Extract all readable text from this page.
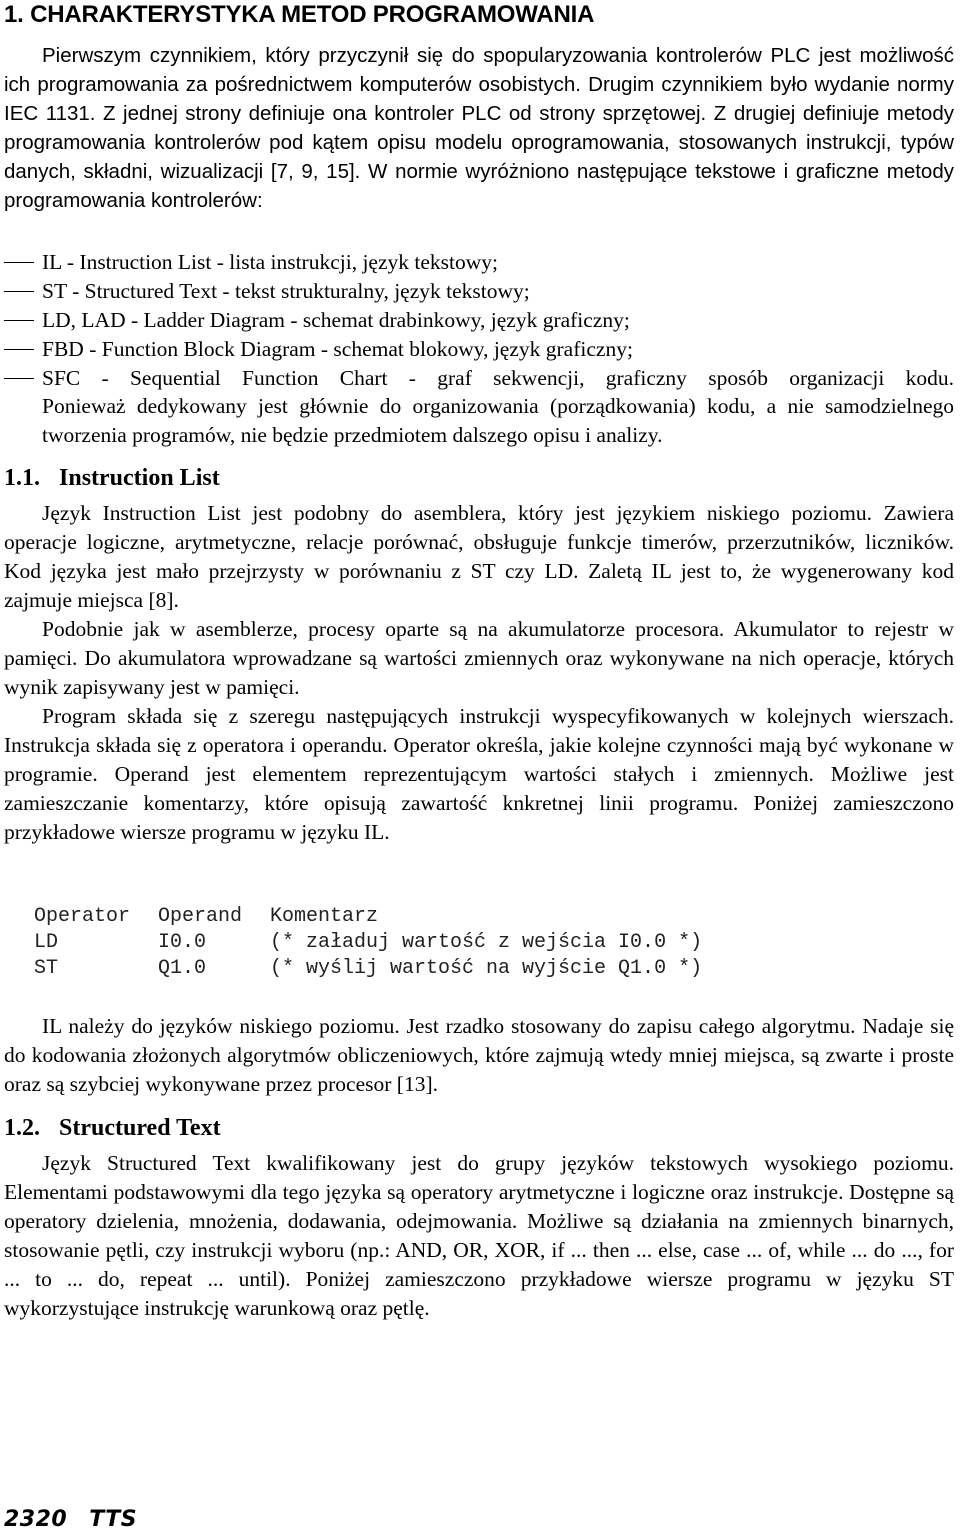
1. CHARAKTERYSTYKA METOD PROGRAMOWANIA

Pierwszym czynnikiem, który przyczynił się do spopularyzowania kontrolerów PLC jest możliwość ich programowania za pośrednictwem komputerów osobistych. Drugim czynnikiem było wydanie normy IEC 1131. Z jednej strony definiuje ona kontroler PLC od strony sprzętowej. Z drugiej definiuje metody programowania kontrolerów pod kątem opisu modelu oprogramowania, stosowanych instrukcji, typów danych, składni, wizualizacji [7, 9, 15]. W normie wyróżniono następujące tekstowe i graficzne metody programowania kontrolerów:

IL - Instruction List - lista instrukcji, język tekstowy;
ST - Structured Text - tekst strukturalny, język tekstowy;
LD, LAD - Ladder Diagram - schemat drabinkowy, język graficzny;
FBD - Function Block Diagram - schemat blokowy, język graficzny;
SFC - Sequential Function Chart - graf sekwencji, graficzny sposób organizacji kodu.

Ponieważ dedykowany jest głównie do organizowania (porządkowania) kodu, a nie samodzielnego tworzenia programów, nie będzie przedmiotem dalszego opisu i analizy.

1.1. Instruction List

Język Instruction List jest podobny do asemblera, który jest językiem niskiego poziomu. Zawiera operacje logiczne, arytmetyczne, relacje porównać, obsługuje funkcje timerów, przerzutników, liczników. Kod języka jest mało przejrzysty w porównaniu z ST czy LD. Zaletą IL jest to, że wygenerowany kod zajmuje miejsca [8].

Podobnie jak w asemblerze, procesy oparte są na akumulatorze procesora. Akumulator to rejestr w pamięci. Do akumulatora wprowadzane są wartości zmiennych oraz wykonywane na nich operacje, których wynik zapisywany jest w pamięci.

Program składa się z szeregu następujących instrukcji wyspecyfikowanych w kolejnych wierszach. Instrukcja składa się z operatora i operandu. Operator określa, jakie kolejne czynności mają być wykonane w programie. Operand jest elementem reprezentującym wartości stałych i zmiennych. Możliwe jest zamieszczanie komentarzy, które opisują zawartość knkretnej linii programu. Poniżej zamieszczono przykładowe wiersze programu w języku IL.

Operator Operand Komentarz
LD	I0.0	(* załaduj wartość z wejścia I0.0 *)
ST	Q1.0	(* wyślij wartość na wyjście Q1.0 *)

IL należy do języków niskiego poziomu. Jest rzadko stosowany do zapisu całego algorytmu. Nadaje się do kodowania złożonych algorytmów obliczeniowych, które zajmują wtedy mniej miejsca, są zwarte i proste oraz są szybciej wykonywane przez procesor [13].

1.2. Structured Text

Język Structured Text kwalifikowany jest do grupy języków tekstowych wysokiego poziomu. Elementami podstawowymi dla tego języka są operatory arytmetyczne i logiczne oraz instrukcje. Dostępne są operatory dzielenia, mnożenia, dodawania, odejmowania. Możliwe są działania na zmiennych binarnych, stosowanie pętli, czy instrukcji wyboru (np.: AND, OR, XOR, if ... then ... else, case ... of, while ... do ..., for ... to ... do, repeat ... until). Poniżej zamieszczono przykładowe wiersze programu w języku ST wykorzystujące instrukcję warunkową oraz pętlę.

2320 TTS
